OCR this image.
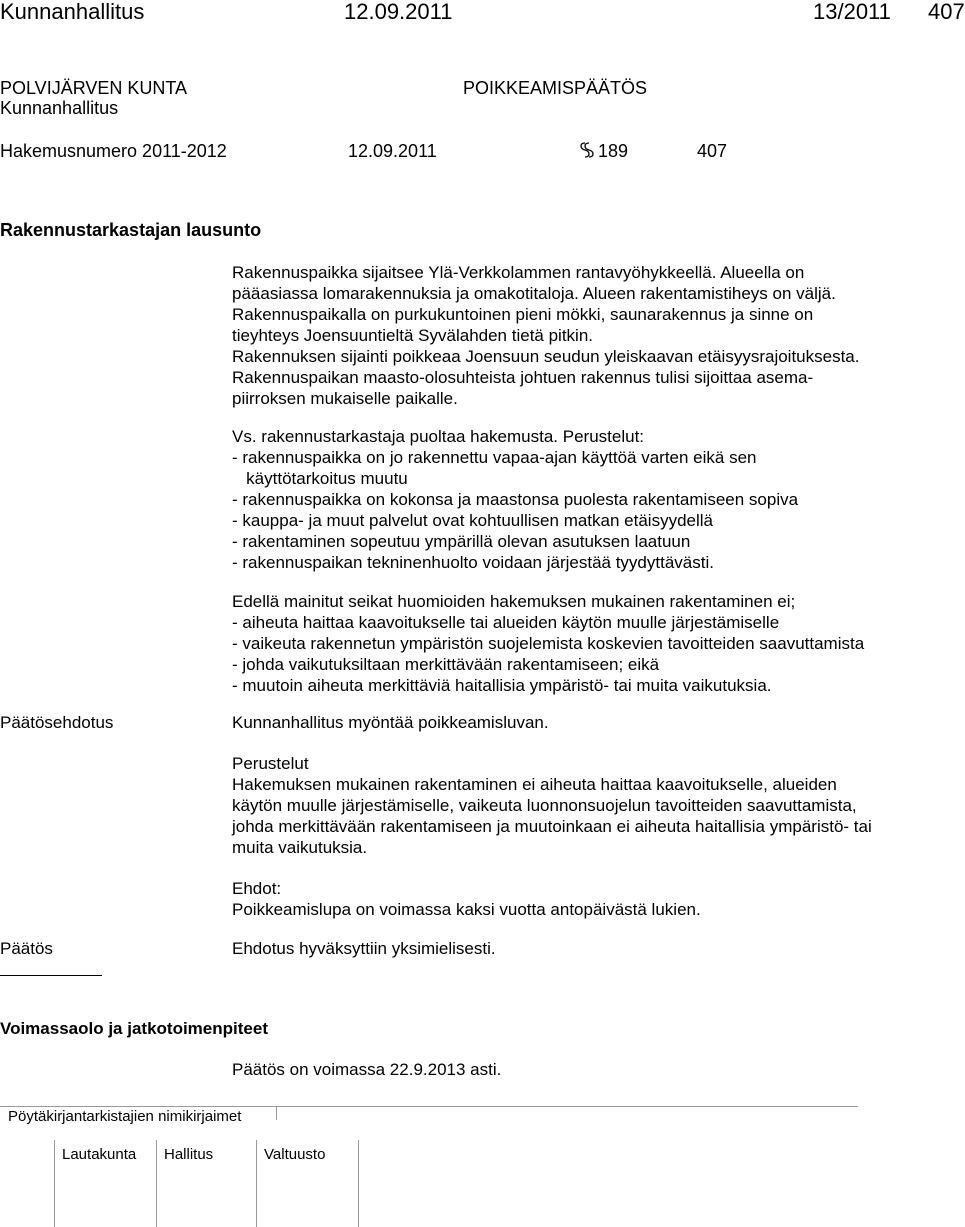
Kunnanhallitus	12.09.2011	13/2011 407
POLVIJÄRVEN KUNTA
Kunnanhallitus
POIKKEAMISPÄÄTÖS
Hakemusnumero 2011-2012	12.09.2011	189	407
Rakennustarkastajan lausunto
Rakennuspaikka sijaitsee Ylä-Verkkolammen rantavyöhykkeellä. Alueella on
pääasiassa lomarakennuksia ja omakotitaloja. Alueen rakentamistiheys on väljä.
Rakennuspaikalla on purkukuntoinen pieni mökki, saunarakennus ja sinne on
tieyhteys Joensuuntieltä Syvälahden tietä pitkin.
Rakennuksen sijainti poikkeaa Joensuun seudun yleiskaavan etäisyysrajoituksesta.
Rakennuspaikan maasto-olosuhteista johtuen rakennus tulisi sijoittaa asema-
piirroksen mukaiselle paikalle.
Vs. rakennustarkastaja puoltaa hakemusta. Perustelut:
- rakennuspaikka on jo rakennettu vapaa-ajan käyttöä varten eikä sen
käyttötarkoitus muutu
- rakennuspaikka on kokonsa ja maastonsa puolesta rakentamiseen sopiva
- kauppa- ja muut palvelut ovat kohtuullisen matkan etäisyydellä
- rakentaminen sopeutuu ympärillä olevan asutuksen laatuun
- rakennuspaikan tekninenhuolto voidaan järjestää tyydyttävästi.
Edellä mainitut seikat huomioiden hakemuksen mukainen rakentaminen ei;
- aiheuta haittaa kaavoitukselle tai alueiden käytön muulle järjestämiselle
- vaikeuta rakennetun ympäristön suojelemista koskevien tavoitteiden saavuttamista
- johda vaikutuksiltaan merkittävään rakentamiseen; eikä
- muutoin aiheuta merkittäviä haitallisia ympäristö- tai muita vaikutuksia.
Päätösehdotus	Kunnanhallitus myöntää poikkeamisluvan.
Perustelut
Hakemuksen mukainen rakentaminen ei aiheuta haittaa kaavoitukselle, alueiden
käytön muulle järjestämiselle, vaikeuta luonnonsuojelun tavoitteiden saavuttamista,
johda merkittävään rakentamiseen ja muutoinkaan ei aiheuta haitallisia ympäristö- tai
muita vaikutuksia.
Ehdot:
Poikkeamislupa on voimassa kaksi vuotta antopäivästä lukien.
Päätös	Ehdotus hyväksyttiin yksimielisesti.
Voimassaolo ja jatkotoimenpiteet
Päätös on voimassa 22.9.2013 asti.
Pöytäkirjantarkistajien nimikirjaimet
Lautakunta Hallitus	Valtuusto
